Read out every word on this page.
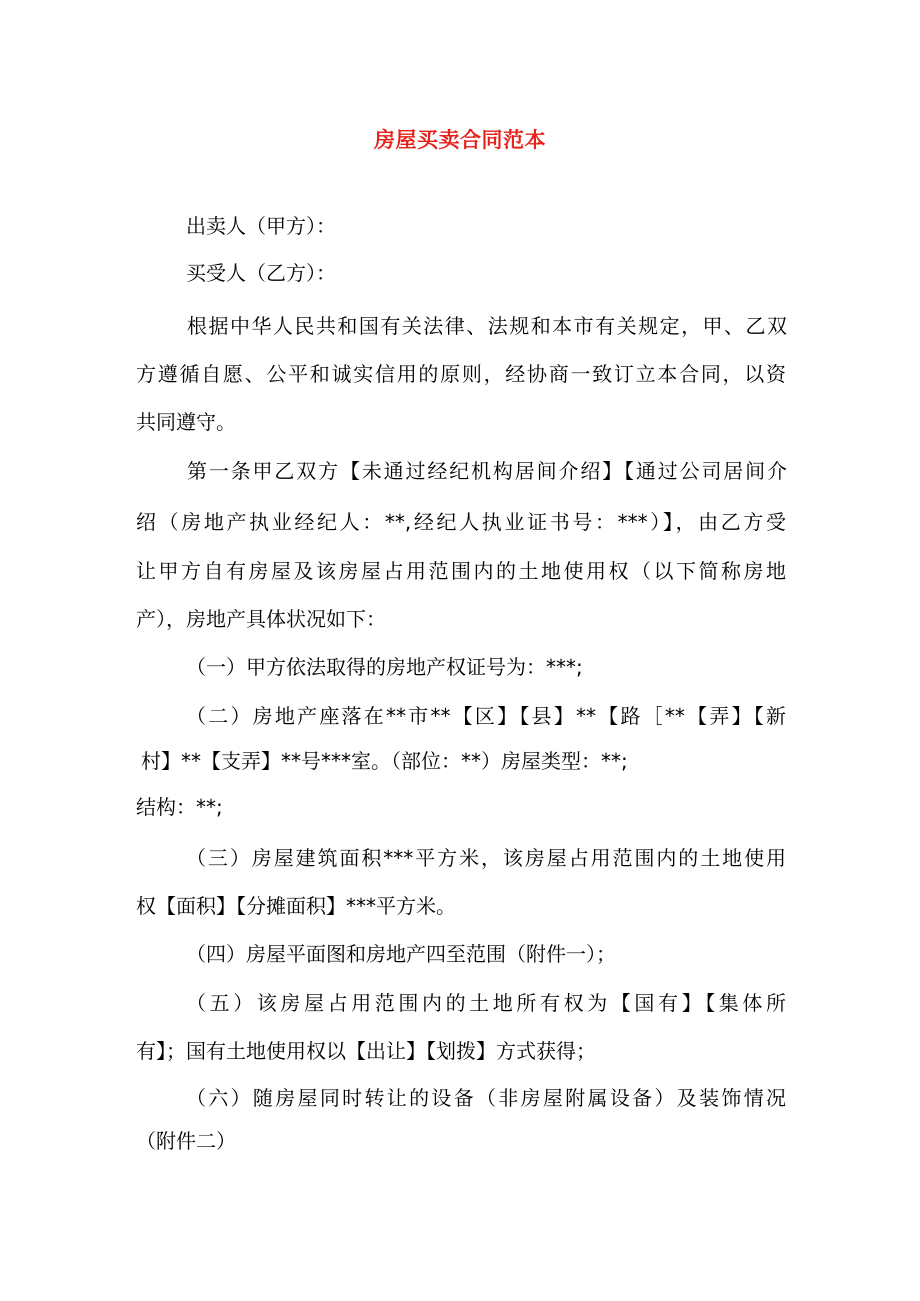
房屋买卖合同范本
出卖人（甲方）：
买受人（乙方）：
根据中华人民共和国有关法律、法规和本市有关规定，甲、乙双
方遵循自愿、公平和诚实信用的原则，经协商一致订立本合同，以资
共同遵守。
第一条甲乙双方【未通过经纪机构居间介绍】【通过公司居间介
绍（房地产执业经纪人：**,经纪人执业证书号：***）】，由乙方受
让甲方自有房屋及该房屋占用范围内的土地使用权（以下简称房地
产），房地产具体状况如下：
（一）甲方依法取得的房地产权证号为：***;
（二）房地产座落在**市**【区】【县】**【路［**【弄】【新
村】**【支弄】**号***室。（部位：**）房屋类型：**;
结构：**;
（三）房屋建筑面积***平方米，该房屋占用范围内的土地使用
权【面积】【分摊面积】***平方米。
（四）房屋平面图和房地产四至范围（附件一）；
（五）该房屋占用范围内的土地所有权为【国有】【集体所
有】；国有土地使用权以【出让】【划拨】方式获得；
（六）随房屋同时转让的设备（非房屋附属设备）及装饰情况
（附件二）
